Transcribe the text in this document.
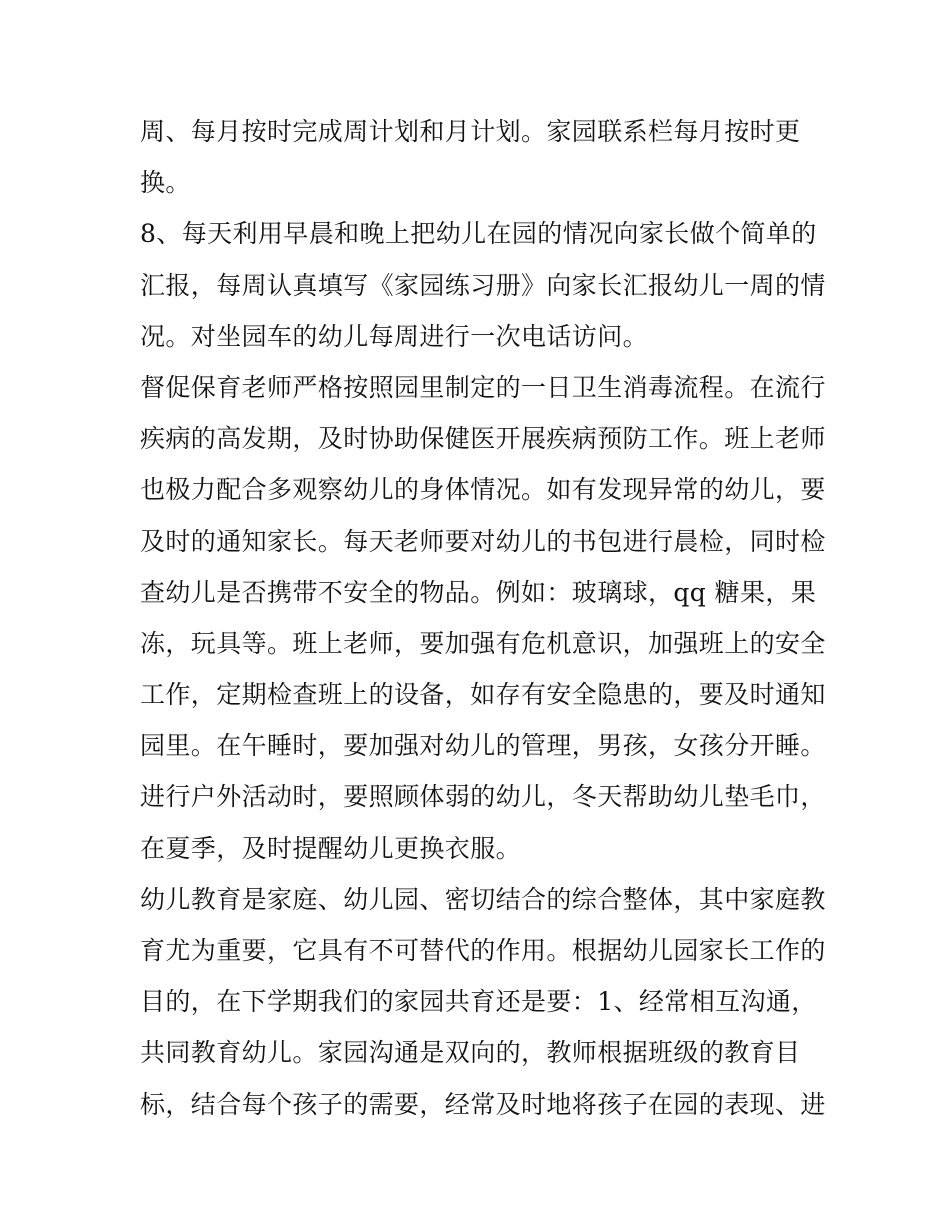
周、每月按时完成周计划和月计划。家园联系栏每月按时更
换。

8、每天利用早晨和晚上把幼儿在园的情况向家长做个简单的
汇报，每周认真填写《家园练习册》向家长汇报幼儿一周的情
况。对坐园车的幼儿每周进行一次电话访问。

督促保育老师严格按照园里制定的一日卫生消毒流程。在流行
疾病的高发期，及时协助保健医开展疾病预防工作。班上老师
也极力配合多观察幼儿的身体情况。如有发现异常的幼儿，要
及时的通知家长。每天老师要对幼儿的书包进行晨检，同时检
查幼儿是否携带不安全的物品。例如：玻璃球，qq 糖果，果
冻，玩具等。班上老师，要加强有危机意识，加强班上的安全
工作，定期检查班上的设备，如存有安全隐患的，要及时通知
园里。在午睡时，要加强对幼儿的管理，男孩，女孩分开睡。
进行户外活动时，要照顾体弱的幼儿，冬天帮助幼儿垫毛巾，
在夏季，及时提醒幼儿更换衣服。

幼儿教育是家庭、幼儿园、密切结合的综合整体，其中家庭教
育尤为重要，它具有不可替代的作用。根据幼儿园家长工作的
目的，在下学期我们的家园共育还是要：1、经常相互沟通，
共同教育幼儿。家园沟通是双向的，教师根据班级的教育目
标，结合每个孩子的需要，经常及时地将孩子在园的表现、进
